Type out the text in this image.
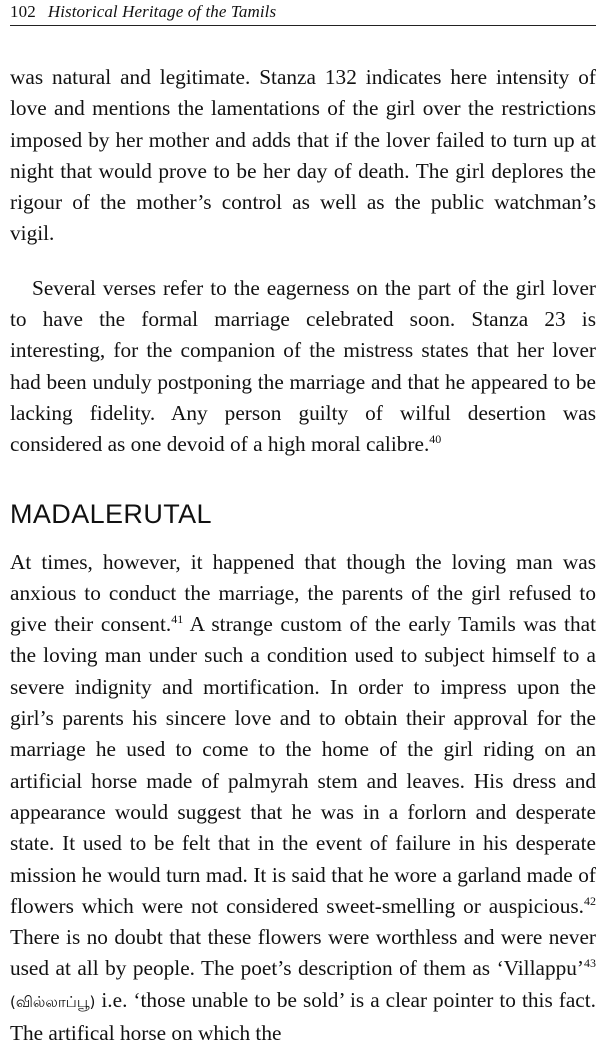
102 Historical Heritage of the Tamils

was natural and legitimate. Stanza 132 indicates here intensity of love and mentions the lamentations of the girl over the restrictions imposed by her mother and adds that if the lover failed to turn up at night that would prove to be her day of death. The girl deplores the rigour of the mother’s control as well as the public watchman’s vigil.

Several verses refer to the eagerness on the part of the girl lover to have the formal marriage celebrated soon. Stanza 23 is interesting, for the companion of the mistress states that her lover had been unduly postponing the marriage and that he appeared to be lacking fidelity. Any person guilty of wilful desertion was considered as one devoid of a high moral calibre.$^{40}$

MADALERUTAL

At times, however, it happened that though the loving man was anxious to conduct the marriage, the parents of the girl refused to give their consent.$^{41}$ A strange custom of the early Tamils was that the loving man under such a condition used to subject himself to a severe indignity and mortification. In order to impress upon the girl’s parents his sincere love and to obtain their approval for the marriage he used to come to the home of the girl riding on an artificial horse made of palmyrah stem and leaves. His dress and appearance would suggest that he was in a forlorn and desperate state. It used to be felt that in the event of failure in his desperate mission he would turn mad. It is said that he wore a garland made of flowers which were not considered sweet-smelling or auspicious.$^{42}$ There is no doubt that these flowers were worthless and were never used at all by people. The poet’s description of them as ‘Villappu’$^{43}$ (வில்லாப்பூ) i.e. ‘those unable to be sold’ is a clear pointer to this fact. The artifical horse on which the
